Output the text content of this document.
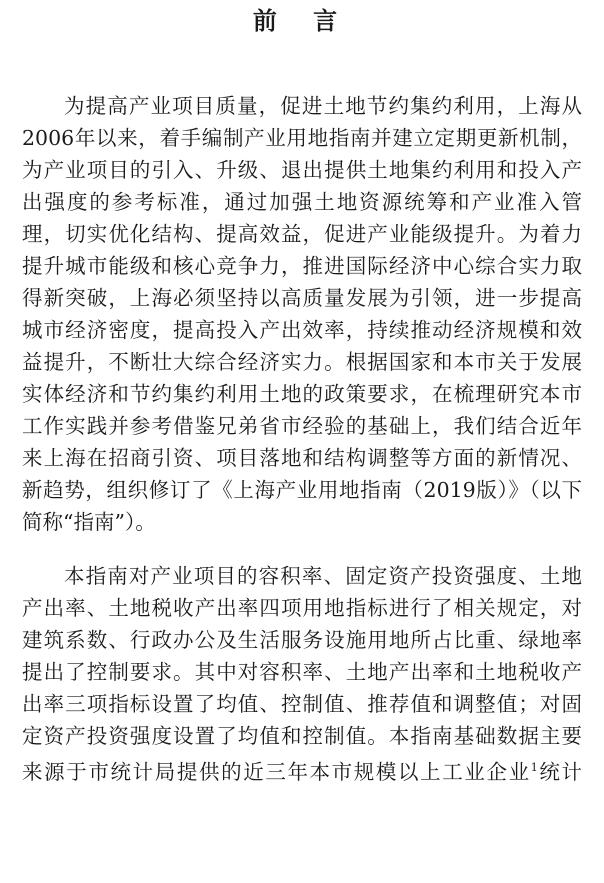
前 言
为提高产业项目质量，促进土地节约集约利用，上海从
2006年以来，着手编制产业用地指南并建立定期更新机制，
为产业项目的引入、升级、退出提供土地集约利用和投入产
出强度的参考标准，通过加强土地资源统筹和产业准入管
理，切实优化结构、提高效益，促进产业能级提升。为着力
提升城市能级和核心竞争力，推进国际经济中心综合实力取
得新突破，上海必须坚持以高质量发展为引领，进一步提高
城市经济密度，提高投入产出效率，持续推动经济规模和效
益提升，不断壮大综合经济实力。根据国家和本市关于发展
实体经济和节约集约利用土地的政策要求，在梳理研究本市
工作实践并参考借鉴兄弟省市经验的基础上，我们结合近年
来上海在招商引资、项目落地和结构调整等方面的新情况、
新趋势，组织修订了《上海产业用地指南（2019版）》（以下
简称“指南”）。
本指南对产业项目的容积率、固定资产投资强度、土地
产出率、土地税收产出率四项用地指标进行了相关规定，对
建筑系数、行政办公及生活服务设施用地所占比重、绿地率
提出了控制要求。其中对容积率、土地产出率和土地税收产
出率三项指标设置了均值、控制值、推荐值和调整值；对固
定资产投资强度设置了均值和控制值。本指南基础数据主要
来源于市统计局提供的近三年本市规模以上工业企业$^1$统计
